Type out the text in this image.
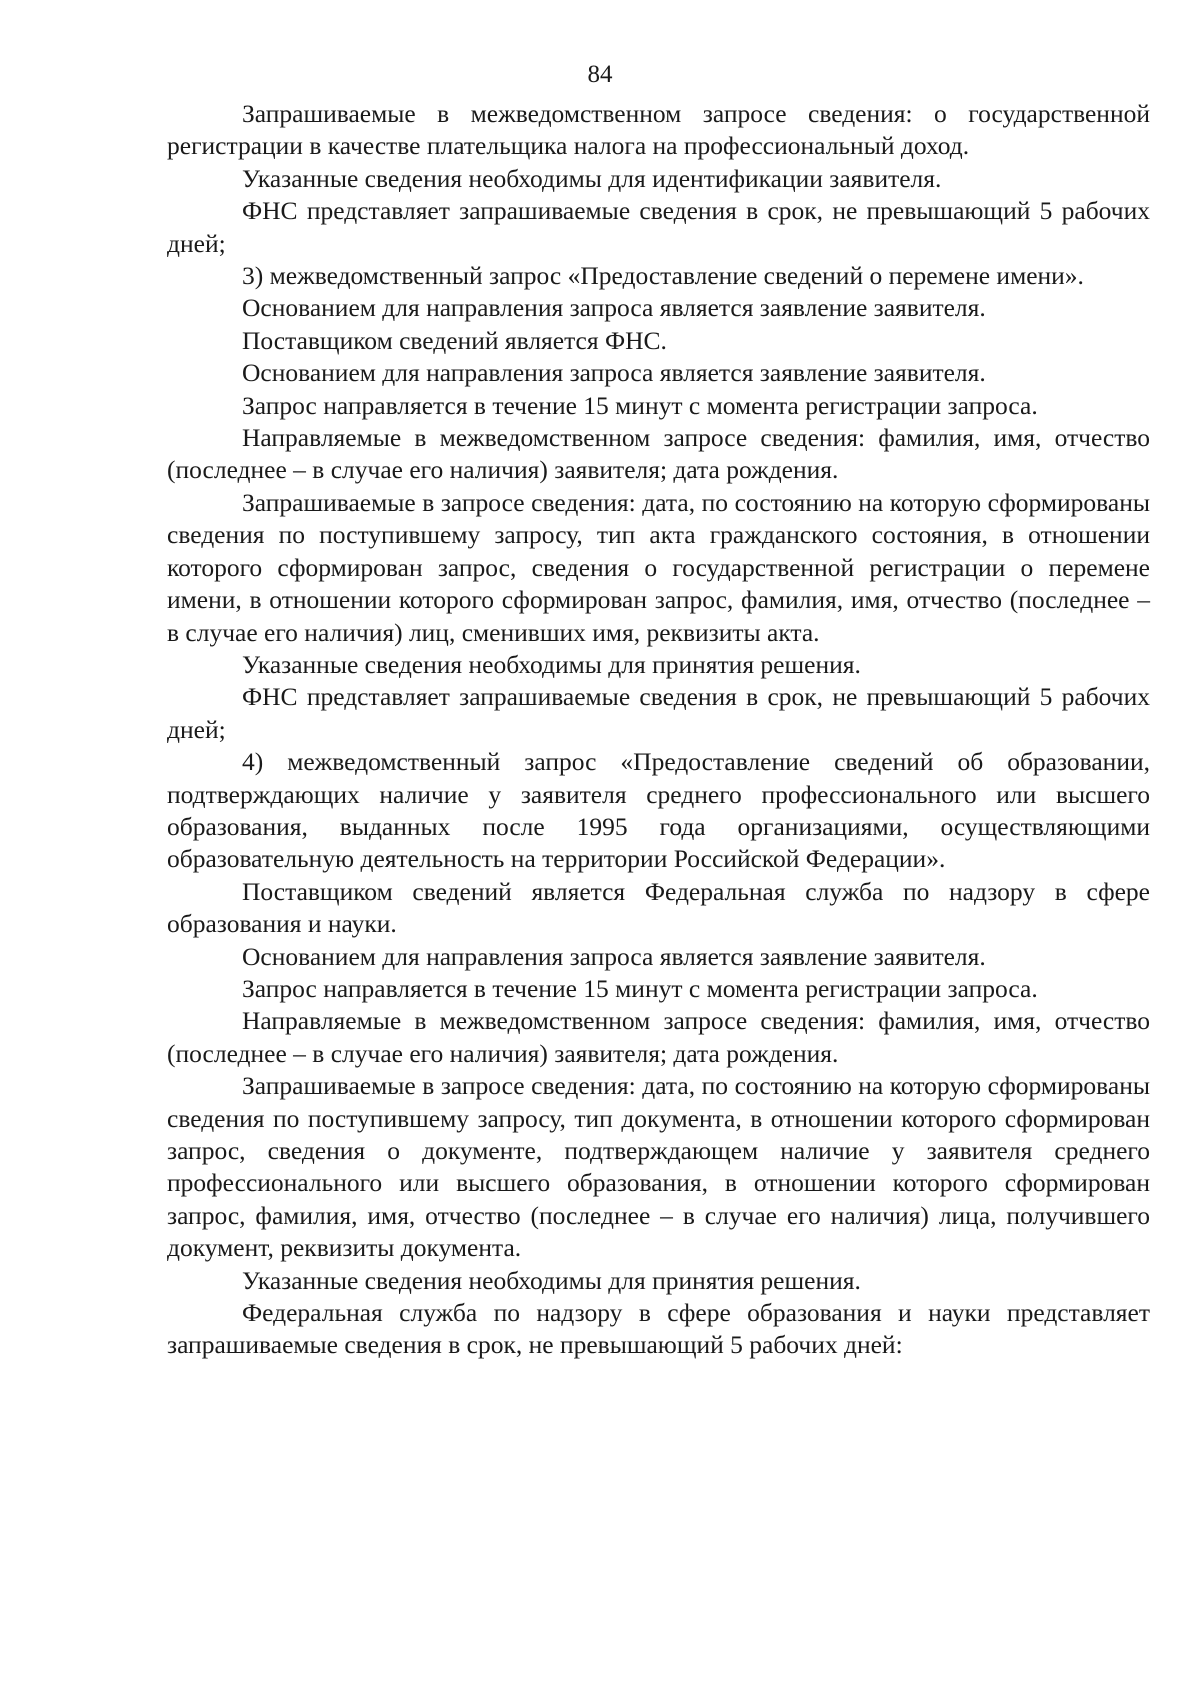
84

Запрашиваемые в межведомственном запросе сведения: о государственной регистрации в качестве плательщика налога на профессиональный доход.

Указанные сведения необходимы для идентификации заявителя.

ФНС представляет запрашиваемые сведения в срок, не превышающий 5 рабочих дней;

3) межведомственный запрос «Предоставление сведений о перемене имени».

Основанием для направления запроса является заявление заявителя.

Поставщиком сведений является ФНС.

Основанием для направления запроса является заявление заявителя.

Запрос направляется в течение 15 минут с момента регистрации запроса.

Направляемые в межведомственном запросе сведения: фамилия, имя, отчество (последнее – в случае его наличия) заявителя; дата рождения.

Запрашиваемые в запросе сведения: дата, по состоянию на которую сформированы сведения по поступившему запросу, тип акта гражданского состояния, в отношении которого сформирован запрос, сведения о государственной регистрации о перемене имени, в отношении которого сформирован запрос, фамилия, имя, отчество (последнее – в случае его наличия) лиц, сменивших имя, реквизиты акта.

Указанные сведения необходимы для принятия решения.

ФНС представляет запрашиваемые сведения в срок, не превышающий 5 рабочих дней;

4) межведомственный запрос «Предоставление сведений об образовании, подтверждающих наличие у заявителя среднего профессионального или высшего образования, выданных после 1995 года организациями, осуществляющими образовательную деятельность на территории Российской Федерации».

Поставщиком сведений является Федеральная служба по надзору в сфере образования и науки.

Основанием для направления запроса является заявление заявителя.

Запрос направляется в течение 15 минут с момента регистрации запроса.

Направляемые в межведомственном запросе сведения: фамилия, имя, отчество (последнее – в случае его наличия) заявителя; дата рождения.

Запрашиваемые в запросе сведения: дата, по состоянию на которую сформированы сведения по поступившему запросу, тип документа, в отношении которого сформирован запрос, сведения о документе, подтверждающем наличие у заявителя среднего профессионального или высшего образования, в отношении которого сформирован запрос, фамилия, имя, отчество (последнее – в случае его наличия) лица, получившего документ, реквизиты документа.

Указанные сведения необходимы для принятия решения.

Федеральная служба по надзору в сфере образования и науки представляет запрашиваемые сведения в срок, не превышающий 5 рабочих дней:
